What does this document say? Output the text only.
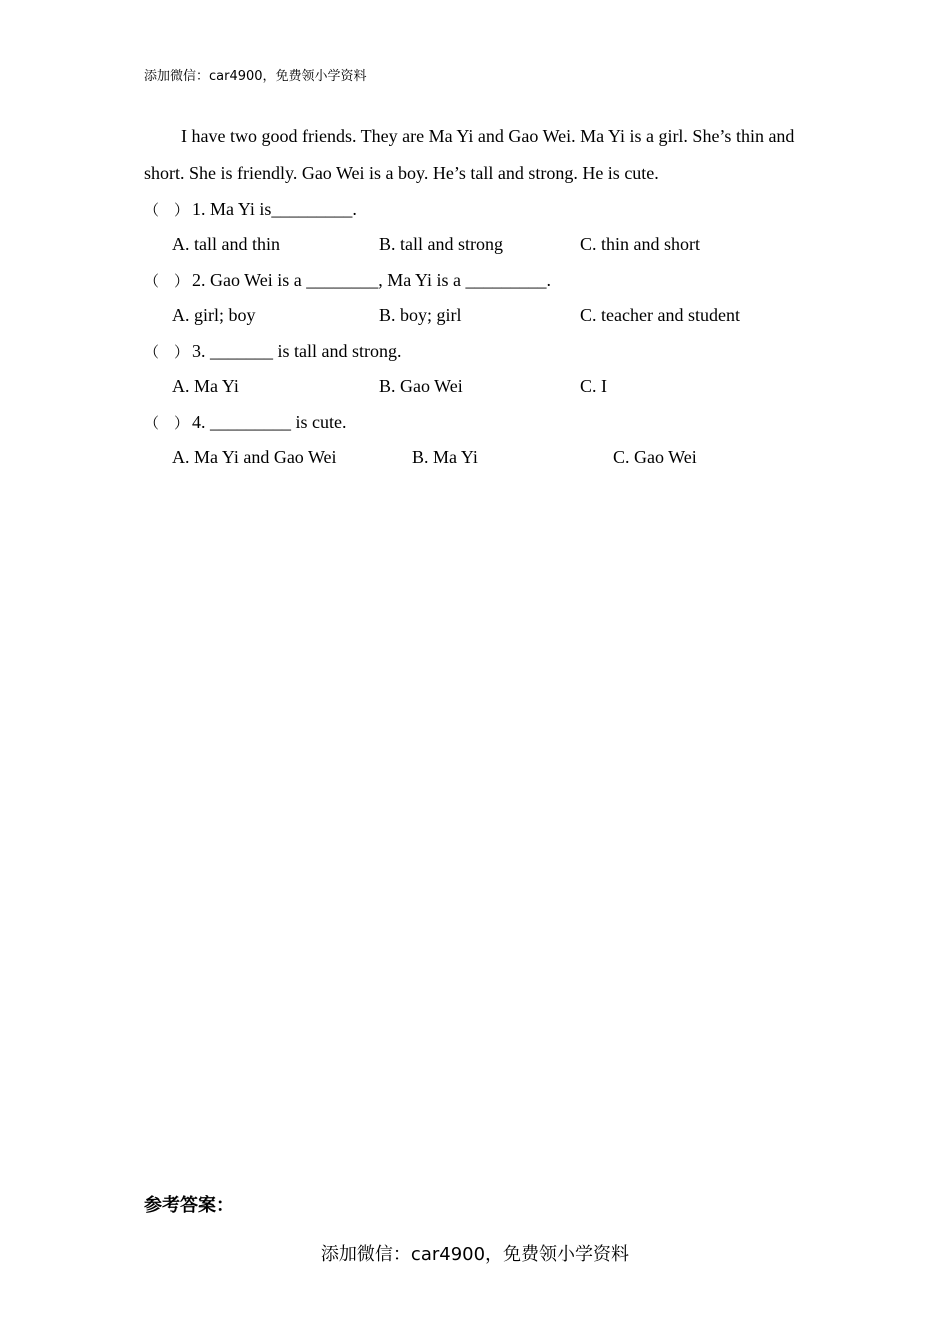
添加微信：car4900，免费领小学资料

I have two good friends. They are Ma Yi and Gao Wei. Ma Yi is a girl. She’s thin and short. She is friendly. Gao Wei is a boy. He’s tall and strong. He is cute.

（　） 1. Ma Yi is_________.
A. tall and thin	B. tall and strong	C. thin and short
（　） 2. Gao Wei is a ________, Ma Yi is a _________.
A. girl; boy	B. boy; girl	C. teacher and student
（　） 3. _______ is tall and strong.
A. Ma Yi	B. Gao Wei	C. I
（　） 4. _________ is cute.
A. Ma Yi and Gao Wei	B. Ma Yi	C. Gao Wei
参考答案：
添加微信：car4900，免费领小学资料
